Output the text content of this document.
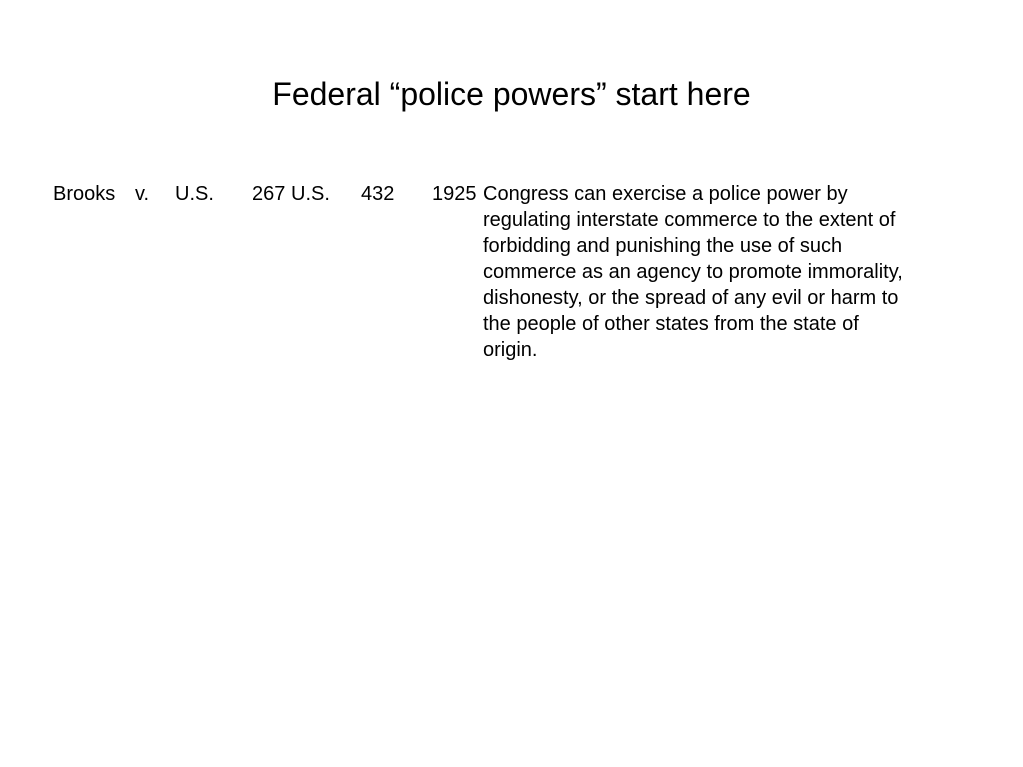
Federal “police powers” start here
Brooks v. U.S. 267 U.S. 432 1925 Congress can exercise a police power by regulating interstate commerce to the extent of forbidding and punishing the use of such commerce as an agency to promote immorality, dishonesty, or the spread of any evil or harm to the people of other states from the state of origin.
